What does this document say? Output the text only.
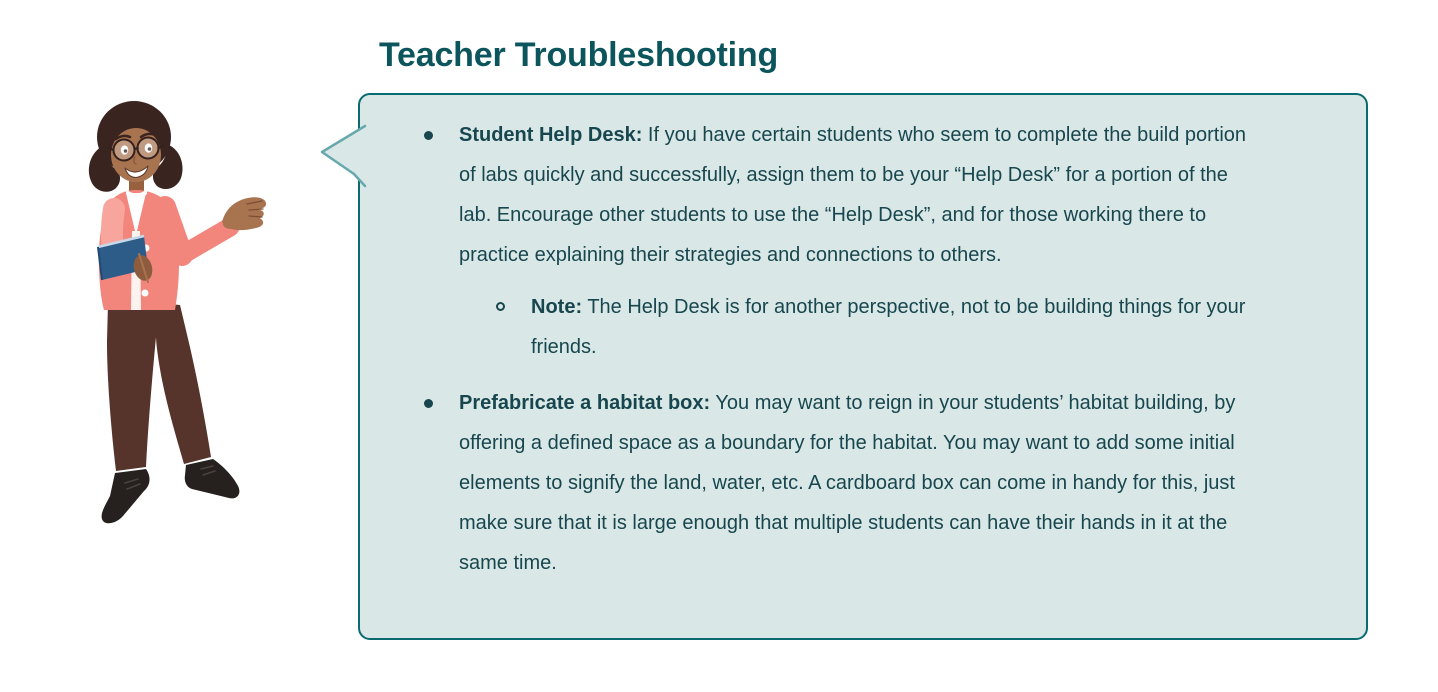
Teacher Troubleshooting

Student Help Desk: If you have certain students who seem to complete the build portion of labs quickly and successfully, assign them to be your “Help Desk” for a portion of the lab. Encourage other students to use the “Help Desk”, and for those working there to practice explaining their strategies and connections to others.

Note: The Help Desk is for another perspective, not to be building things for your friends.

Prefabricate a habitat box: You may want to reign in your students’ habitat building, by offering a defined space as a boundary for the habitat. You may want to add some initial elements to signify the land, water, etc. A cardboard box can come in handy for this, just make sure that it is large enough that multiple students can have their hands in it at the same time.
